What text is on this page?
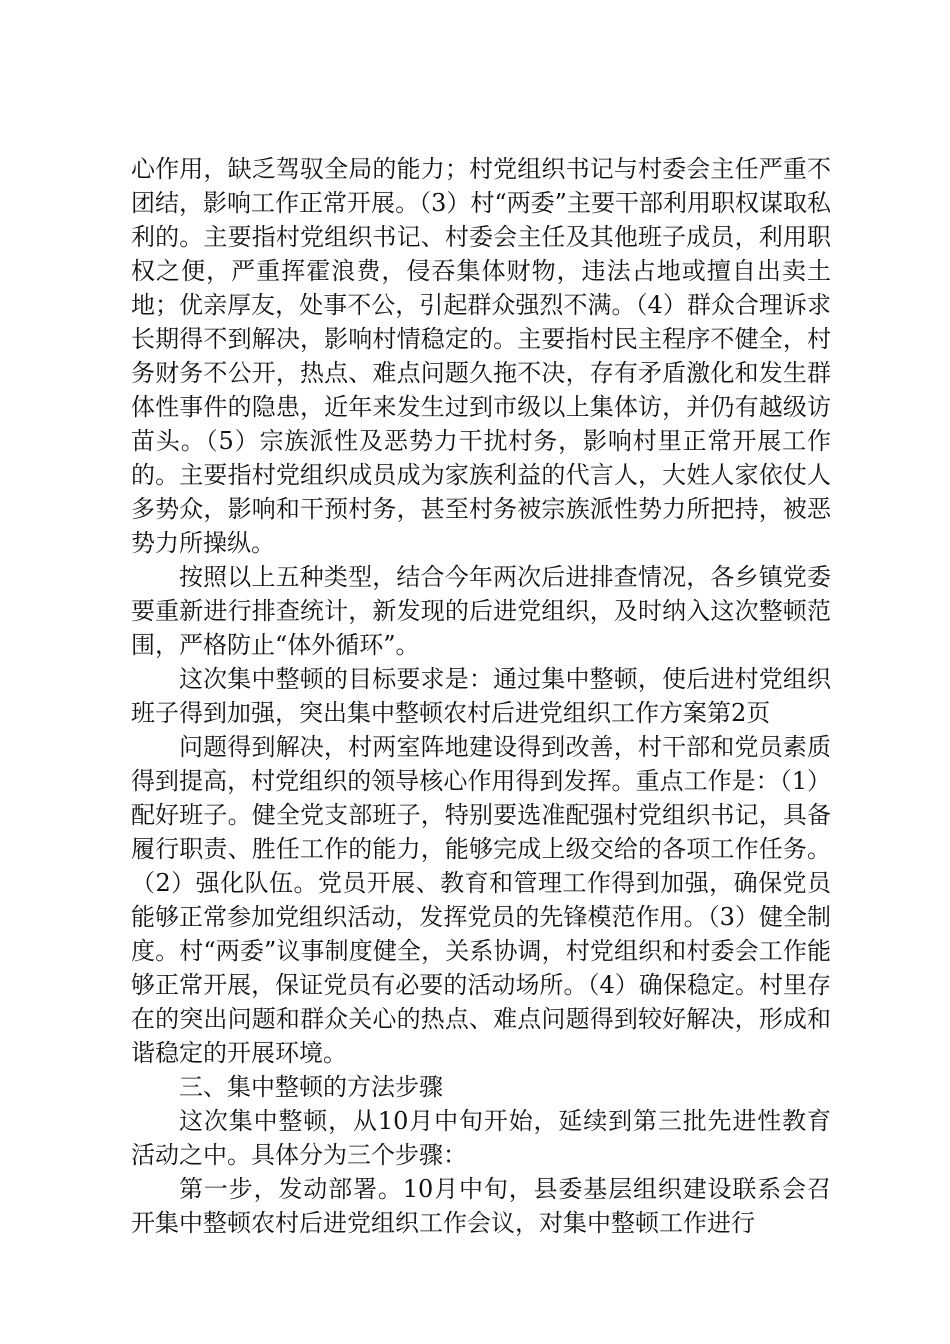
心作用，缺乏驾驭全局的能力；村党组织书记与村委会主任严重不团结，影响工作正常开展。（3）村“两委”主要干部利用职权谋取私利的。主要指村党组织书记、村委会主任及其他班子成员，利用职权之便，严重挥霍浪费，侵吞集体财物，违法占地或擅自出卖土地；优亲厚友，处事不公，引起群众强烈不满。（4）群众合理诉求长期得不到解决，影响村情稳定的。主要指村民主程序不健全，村务财务不公开，热点、难点问题久拖不决，存有矛盾激化和发生群体性事件的隐患，近年来发生过到市级以上集体访，并仍有越级访苗头。（5）宗族派性及恶势力干扰村务，影响村里正常开展工作的。主要指村党组织成员成为家族利益的代言人，大姓人家依仗人多势众，影响和干预村务，甚至村务被宗族派性势力所把持，被恶势力所操纵。

按照以上五种类型，结合今年两次后进排查情况，各乡镇党委要重新进行排查统计，新发现的后进党组织，及时纳入这次整顿范围，严格防止“体外循环”。

这次集中整顿的目标要求是：通过集中整顿，使后进村党组织班子得到加强，突出集中整顿农村后进党组织工作方案第2页

问题得到解决，村两室阵地建设得到改善，村干部和党员素质得到提高，村党组织的领导核心作用得到发挥。重点工作是：（1）配好班子。健全党支部班子，特别要选准配强村党组织书记，具备履行职责、胜任工作的能力，能够完成上级交给的各项工作任务。（2）强化队伍。党员开展、教育和管理工作得到加强，确保党员能够正常参加党组织活动，发挥党员的先锋模范作用。（3）健全制度。村“两委”议事制度健全，关系协调，村党组织和村委会工作能够正常开展，保证党员有必要的活动场所。（4）确保稳定。村里存在的突出问题和群众关心的热点、难点问题得到较好解决，形成和谐稳定的开展环境。

三、集中整顿的方法步骤

这次集中整顿，从10月中旬开始，延续到第三批先进性教育活动之中。具体分为三个步骤：

第一步，发动部署。10月中旬，县委基层组织建设联系会召开集中整顿农村后进党组织工作会议，对集中整顿工作进行
